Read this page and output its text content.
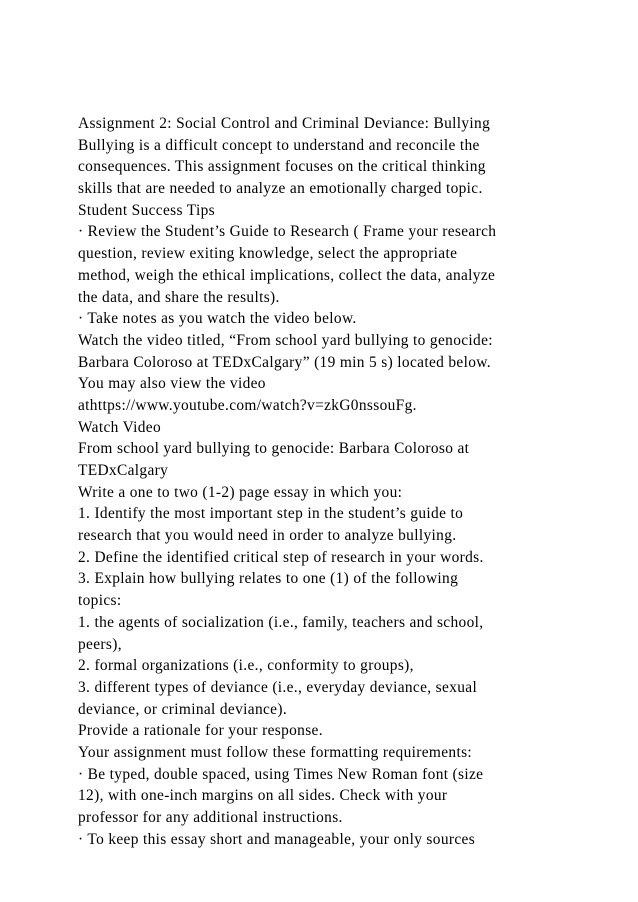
Assignment 2: Social Control and Criminal Deviance: Bullying
Bullying is a difficult concept to understand and reconcile the
consequences. This assignment focuses on the critical thinking
skills that are needed to analyze an emotionally charged topic.
Student Success Tips
· Review the Student’s Guide to Research ( Frame your research
question, review exiting knowledge, select the appropriate
method, weigh the ethical implications, collect the data, analyze
the data, and share the results).
· Take notes as you watch the video below.
Watch the video titled, “From school yard bullying to genocide:
Barbara Coloroso at TEDxCalgary” (19 min 5 s) located below.
You may also view the video
athttps://www.youtube.com/watch?v=zkG0nssouFg.
Watch Video
From school yard bullying to genocide: Barbara Coloroso at
TEDxCalgary
Write a one to two (1-2) page essay in which you:
1. Identify the most important step in the student’s guide to
research that you would need in order to analyze bullying.
2. Define the identified critical step of research in your words.
3. Explain how bullying relates to one (1) of the following
topics:
1. the agents of socialization (i.e., family, teachers and school,
peers),
2. formal organizations (i.e., conformity to groups),
3. different types of deviance (i.e., everyday deviance, sexual
deviance, or criminal deviance).
Provide a rationale for your response.
Your assignment must follow these formatting requirements:
· Be typed, double spaced, using Times New Roman font (size
12), with one-inch margins on all sides. Check with your
professor for any additional instructions.
· To keep this essay short and manageable, your only sources
